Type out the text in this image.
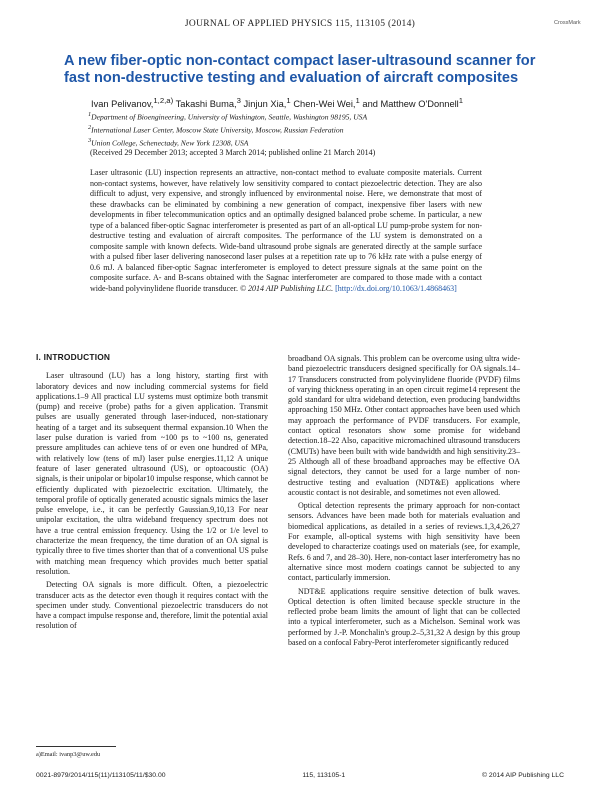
JOURNAL OF APPLIED PHYSICS 115, 113105 (2014)	CrossMark
A new fiber-optic non-contact compact laser-ultrasound scanner for fast non-destructive testing and evaluation of aircraft composites
Ivan Pelivanov,$^{1,2,a)}$ Takashi Buma,$^3$ Jinjun Xia,$^1$ Chen-Wei Wei,$^1$ and Matthew O'Donnell$^1$
$^1$Department of Bioengineering, University of Washington, Seattle, Washington 98195, USA
$^2$International Laser Center, Moscow State University, Moscow, Russian Federation
$^3$Union College, Schenectady, New York 12308, USA
(Received 29 December 2013; accepted 3 March 2014; published online 21 March 2014)
Laser ultrasonic (LU) inspection represents an attractive, non-contact method to evaluate composite materials. Current non-contact systems, however, have relatively low sensitivity compared to contact piezoelectric detection. They are also difficult to adjust, very expensive, and strongly influenced by environmental noise. Here, we demonstrate that most of these drawbacks can be eliminated by combining a new generation of compact, inexpensive fiber lasers with new developments in fiber telecommunication optics and an optimally designed balanced probe scheme. In particular, a new type of a balanced fiber-optic Sagnac interferometer is presented as part of an all-optical LU pump-probe system for non-destructive testing and evaluation of aircraft composites. The performance of the LU system is demonstrated on a composite sample with known defects. Wide-band ultrasound probe signals are generated directly at the sample surface with a pulsed fiber laser delivering nanosecond laser pulses at a repetition rate up to 76 kHz rate with a pulse energy of 0.6 mJ. A balanced fiber-optic Sagnac interferometer is employed to detect pressure signals at the same point on the composite surface. A- and B-scans obtained with the Sagnac interferometer are compared to those made with a contact wide-band polyvinylidene fluoride transducer. © 2014 AIP Publishing LLC. [http://dx.doi.org/10.1063/1.4868463]
I. INTRODUCTION

Laser ultrasound (LU) has a long history, starting first with laboratory devices and now including commercial systems for field applications.1–9 All practical LU systems must optimize both transmit (pump) and receive (probe) paths for a given application. Transmit pulses are usually generated through laser-induced, non-stationary heating of a target and its subsequent thermal expansion.10 When the laser pulse duration is varied from ~100 ps to ~100 ns, generated pressure amplitudes can achieve tens of or even one hundred of MPa, with relatively low (tens of mJ) laser pulse energies.11,12 A unique feature of laser generated ultrasound (US), or optoacoustic (OA) signals, is their unipolar or bipolar10 impulse response, which cannot be efficiently duplicated with piezoelectric excitation. Ultimately, the temporal profile of optically generated acoustic signals mimics the laser pulse envelope, i.e., it can be perfectly Gaussian.9,10,13 For near unipolar excitation, the ultra wideband frequency spectrum does not have a true central emission frequency. Using the 1/2 or 1/e level to characterize the mean frequency, the time duration of an OA signal is typically three to five times shorter than that of a conventional US pulse with matching mean frequency which provides much better spatial resolution.

Detecting OA signals is more difficult. Often, a piezoelectric transducer acts as the detector even though it requires contact with the specimen under study. Conventional piezoelectric transducers do not have a compact impulse response and, therefore, limit the potential axial resolution of

broadband OA signals. This problem can be overcome using ultra wide-band piezoelectric transducers designed specifically for OA signals.14–17 Transducers constructed from polyvinylidene fluoride (PVDF) films of varying thickness operating in an open circuit regime14 represent the gold standard for ultra wideband detection, even producing bandwidths approaching 150 MHz. Other contact approaches have been used which may approach the performance of PVDF transducers. For example, contact optical resonators show some promise for wideband detection.18–22 Also, capacitive micromachined ultrasound transducers (CMUTs) have been built with wide bandwidth and high sensitivity.23–25 Although all of these broadband approaches may be effective OA signal detectors, they cannot be used for a large number of non-destructive testing and evaluation (NDT&E) applications where acoustic contact is not desirable, and sometimes not even allowed.

Optical detection represents the primary approach for non-contact sensors. Advances have been made both for materials evaluation and biomedical applications, as detailed in a series of reviews.1,3,4,26,27 For example, all-optical systems with high sensitivity have been developed to characterize coatings used on materials (see, for example, Refs. 6 and 7, and 28–30). Here, non-contact laser interferometry has no alternative since most modern coatings cannot be subjected to any contact, particularly immersion.

NDT&E applications require sensitive detection of bulk waves. Optical detection is often limited because speckle structure in the reflected probe beam limits the amount of light that can be collected into a typical interferometer, such as a Michelson. Seminal work was performed by J.-P. Monchalin's group.2–5,31,32 A design by this group based on a confocal Fabry-Perot interferometer significantly reduced

a)Email: ivanp3@uw.edu
0021-8979/2014/115(11)/113105/11/$30.00	115, 113105-1	© 2014 AIP Publishing LLC
